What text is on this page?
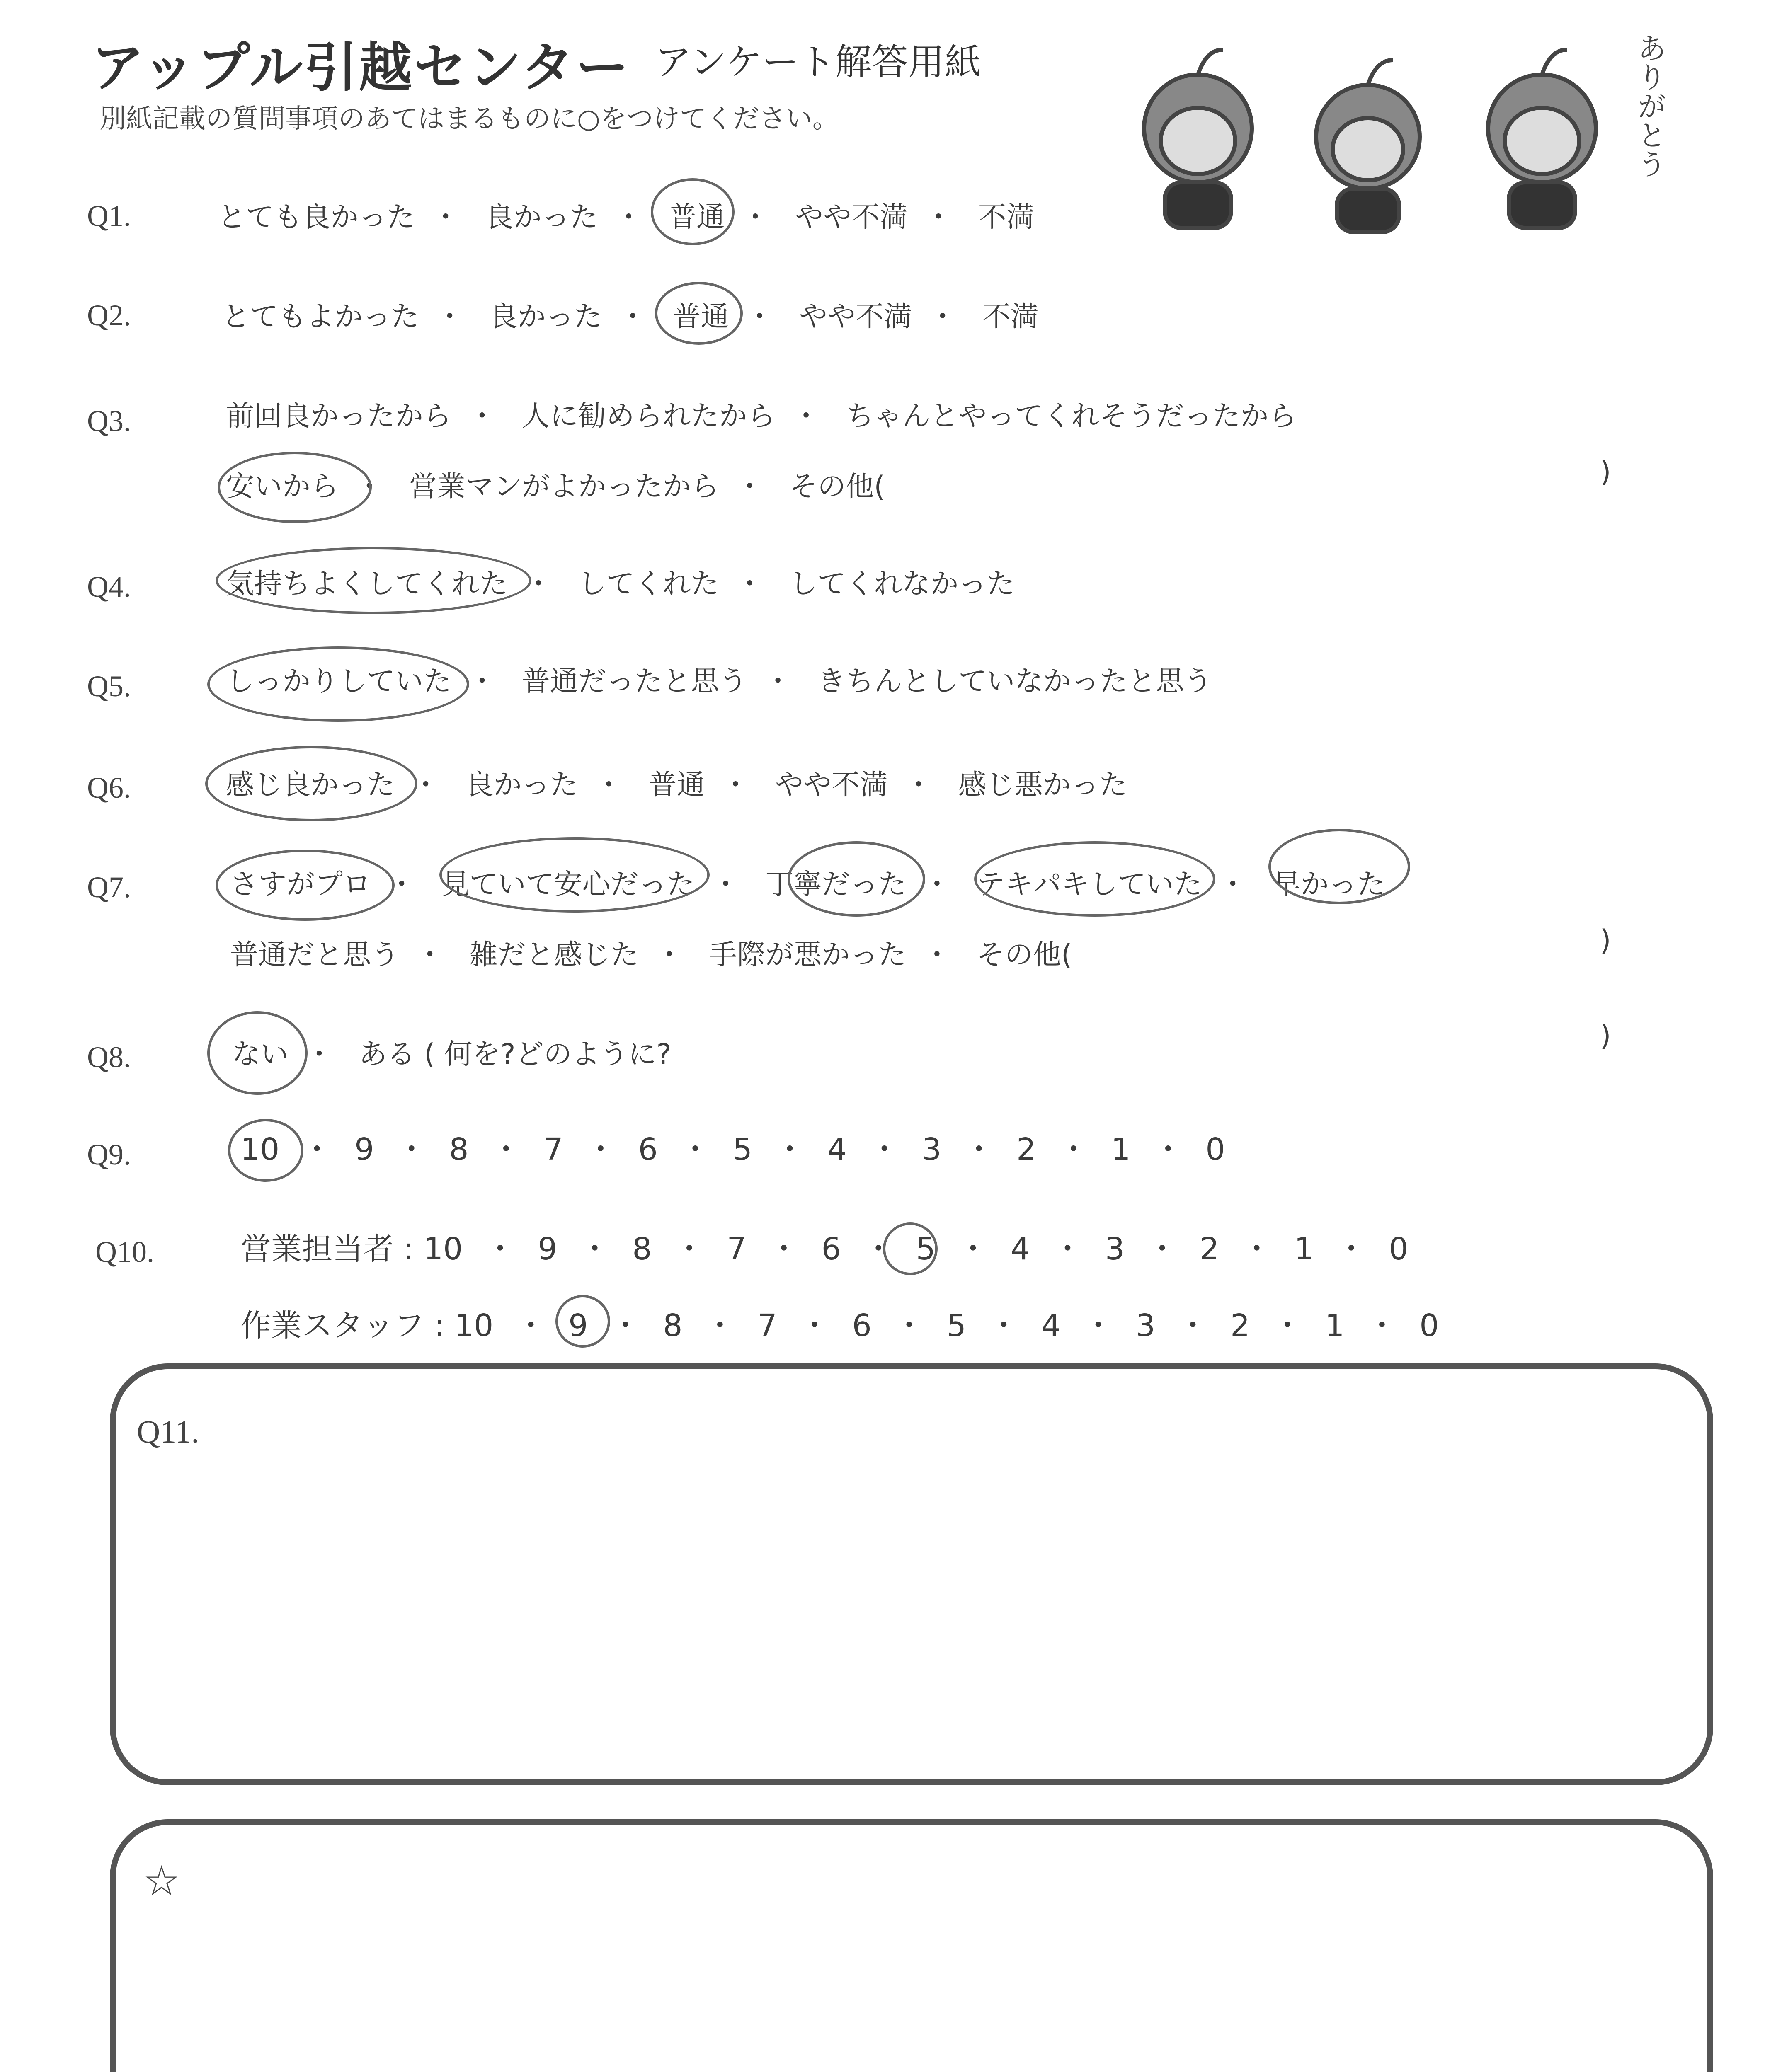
アップル引越センター アンケート解答用紙
別紙記載の質問事項のあてはまるものに○をつけてください。	ありがとう
Q1.	とても良かった ・ 良かった ・ 普通 ・ やや不満 ・ 不満
Q2.	とてもよかった ・ 良かった ・ 普通 ・ やや不満 ・ 不満
Q3.	前回良かったから ・ 人に勧められたから ・ ちゃんとやってくれそうだったから
安いから ・ 営業マンがよかったから ・ その他(	)
Q4.	気持ちよくしてくれた ・ してくれた ・ してくれなかった
Q5.	しっかりしていた ・ 普通だったと思う ・ きちんとしていなかったと思う
Q6.	感じ良かった ・ 良かった ・ 普通 ・ やや不満 ・ 感じ悪かった
Q7.	さすがプロ ・ 見ていて安心だった ・ 丁寧だった ・ テキパキしていた ・ 早かった
普通だと思う ・ 雑だと感じた ・ 手際が悪かった ・ その他(	)
Q8.	ない ・ ある ( 何を?どのように?
)
Q9.	10 ・ 9 ・ 8 ・ 7 ・ 6 ・ 5 ・ 4 ・ 3 ・ 2 ・ 1 ・ 0
Q10.	営業担当者 : 10 ・ 9 ・ 8 ・ 7 ・ 6 ・ 5 ・ 4 ・ 3 ・ 2 ・ 1 ・ 0
作業スタッフ : 10 ・ 9 ・ 8 ・ 7 ・ 6 ・ 5 ・ 4 ・ 3 ・ 2 ・ 1 ・ 0
Q11.
☆
